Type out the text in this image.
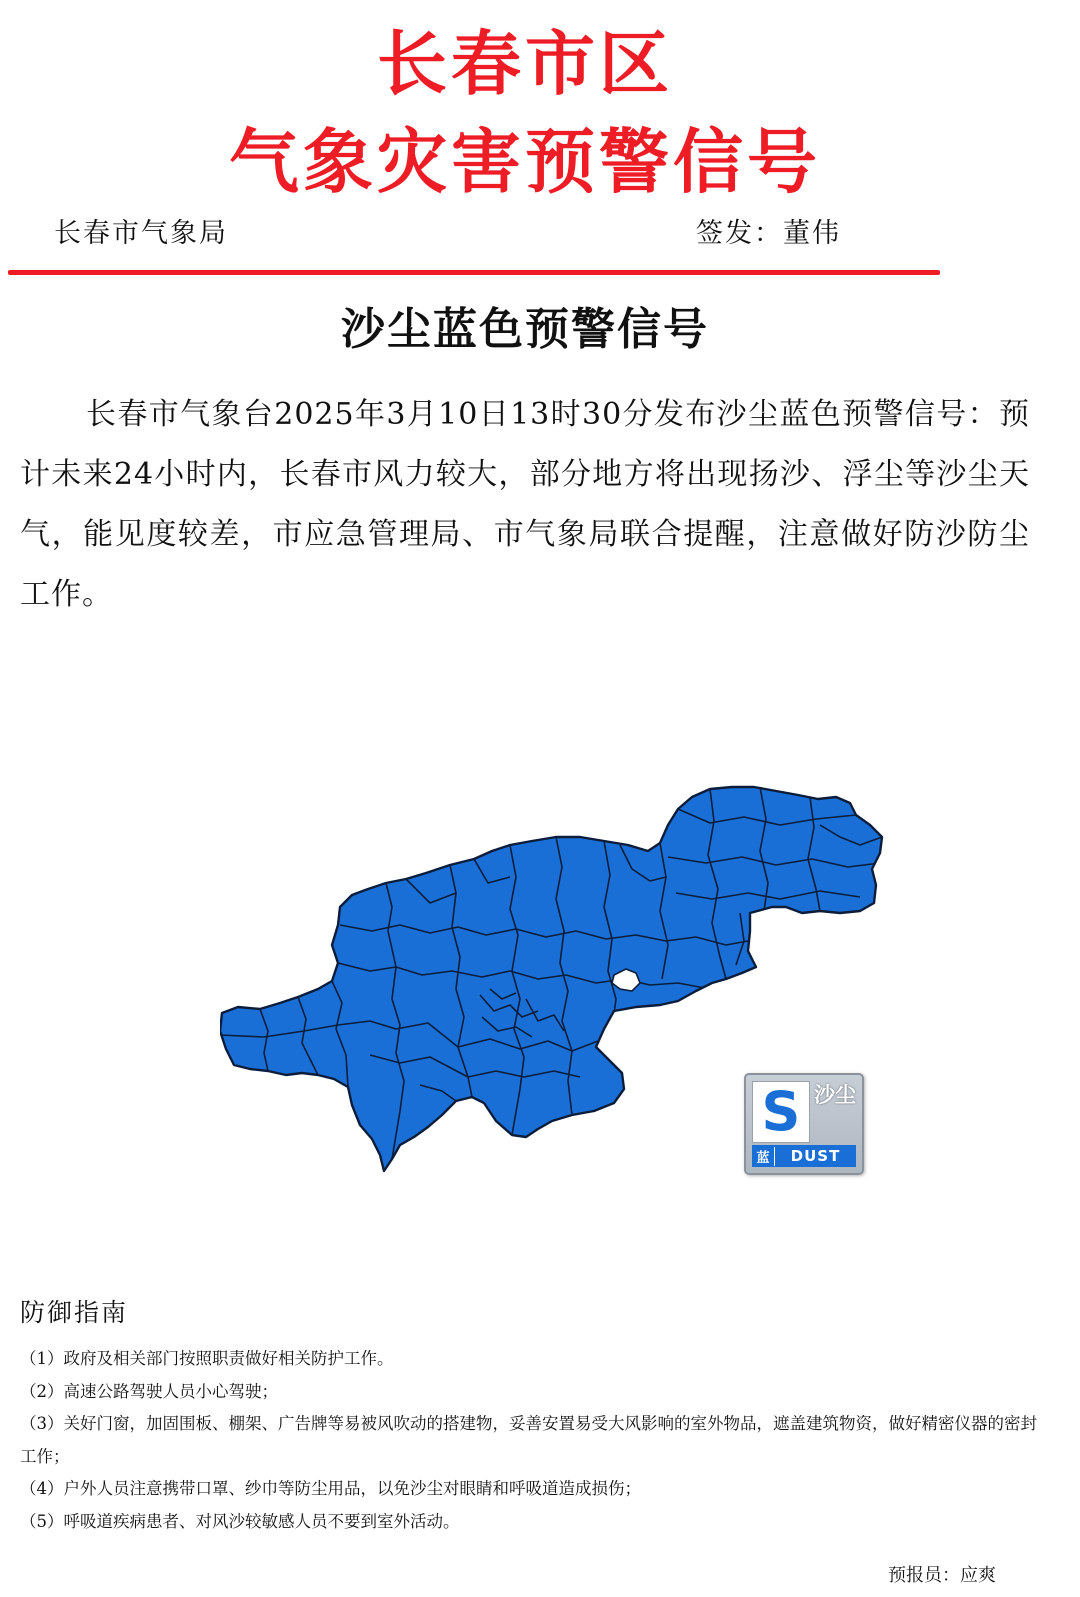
长春市区
气象灾害预警信号
长春市气象局	签发：董伟
沙尘蓝色预警信号

长春市气象台2025年3月10日13时30分发布沙尘蓝色预警信号：预计未来24小时内，长春市风力较大，部分地方将出现扬沙、浮尘等沙尘天气，能见度较差，市应急管理局、市气象局联合提醒，注意做好防沙防尘工作。

S 沙尘
蓝	DUST
防御指南
（1）政府及相关部门按照职责做好相关防护工作。
（2）高速公路驾驶人员小心驾驶；
（3）关好门窗，加固围板、棚架、广告牌等易被风吹动的搭建物，妥善安置易受大风影响的室外物品，遮盖建筑物资，做好精密仪器的密封工作；
（4）户外人员注意携带口罩、纱巾等防尘用品，以免沙尘对眼睛和呼吸道造成损伤；
（5）呼吸道疾病患者、对风沙较敏感人员不要到室外活动。
预报员：应爽
